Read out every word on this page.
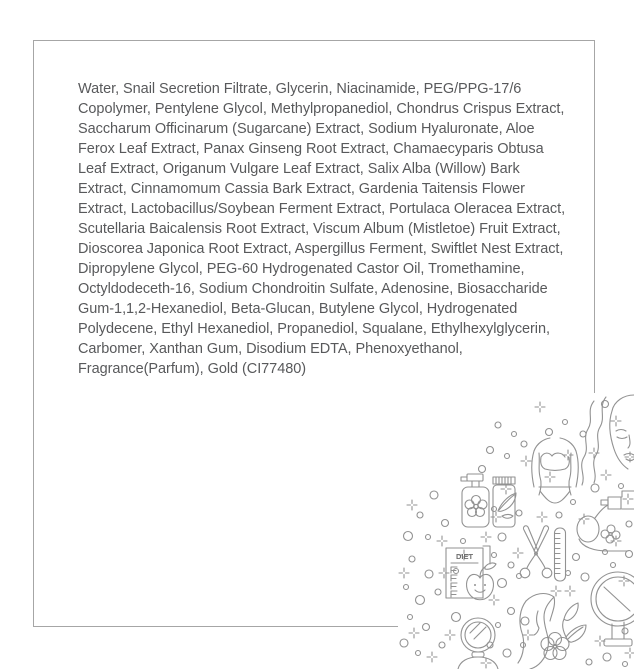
Water, Snail Secretion Filtrate, Glycerin, Niacinamide, PEG/PPG-17/6 Copolymer, Pentylene Glycol, Methylpropanediol, Chondrus Crispus Extract, Saccharum Officinarum (Sugarcane) Extract, Sodium Hyaluronate, Aloe Ferox Leaf Extract, Panax Ginseng Root Extract, Chamaecyparis Obtusa Leaf Extract, Origanum Vulgare Leaf Extract, Salix Alba (Willow) Bark Extract, Cinnamomum Cassia Bark Extract, Gardenia Taitensis Flower Extract, Lactobacillus/Soybean Ferment Extract, Portulaca Oleracea Extract, Scutellaria Baicalensis Root Extract, Viscum Album (Mistletoe) Fruit Extract, Dioscorea Japonica Root Extract, Aspergillus Ferment, Swiftlet Nest Extract, Dipropylene Glycol, PEG-60 Hydrogenated Castor Oil, Tromethamine, Octyldodeceth-16, Sodium Chondroitin Sulfate, Adenosine, Biosaccharide Gum-1,1,2-Hexanediol, Beta-Glucan, Butylene Glycol, Hydrogenated Polydecene, Ethyl Hexanediol, Propanediol, Squalane, Ethylhexylglycerin, Carbomer, Xanthan Gum, Disodium EDTA, Phenoxyethanol, Fragrance(Parfum), Gold (CI77480)

DIET
